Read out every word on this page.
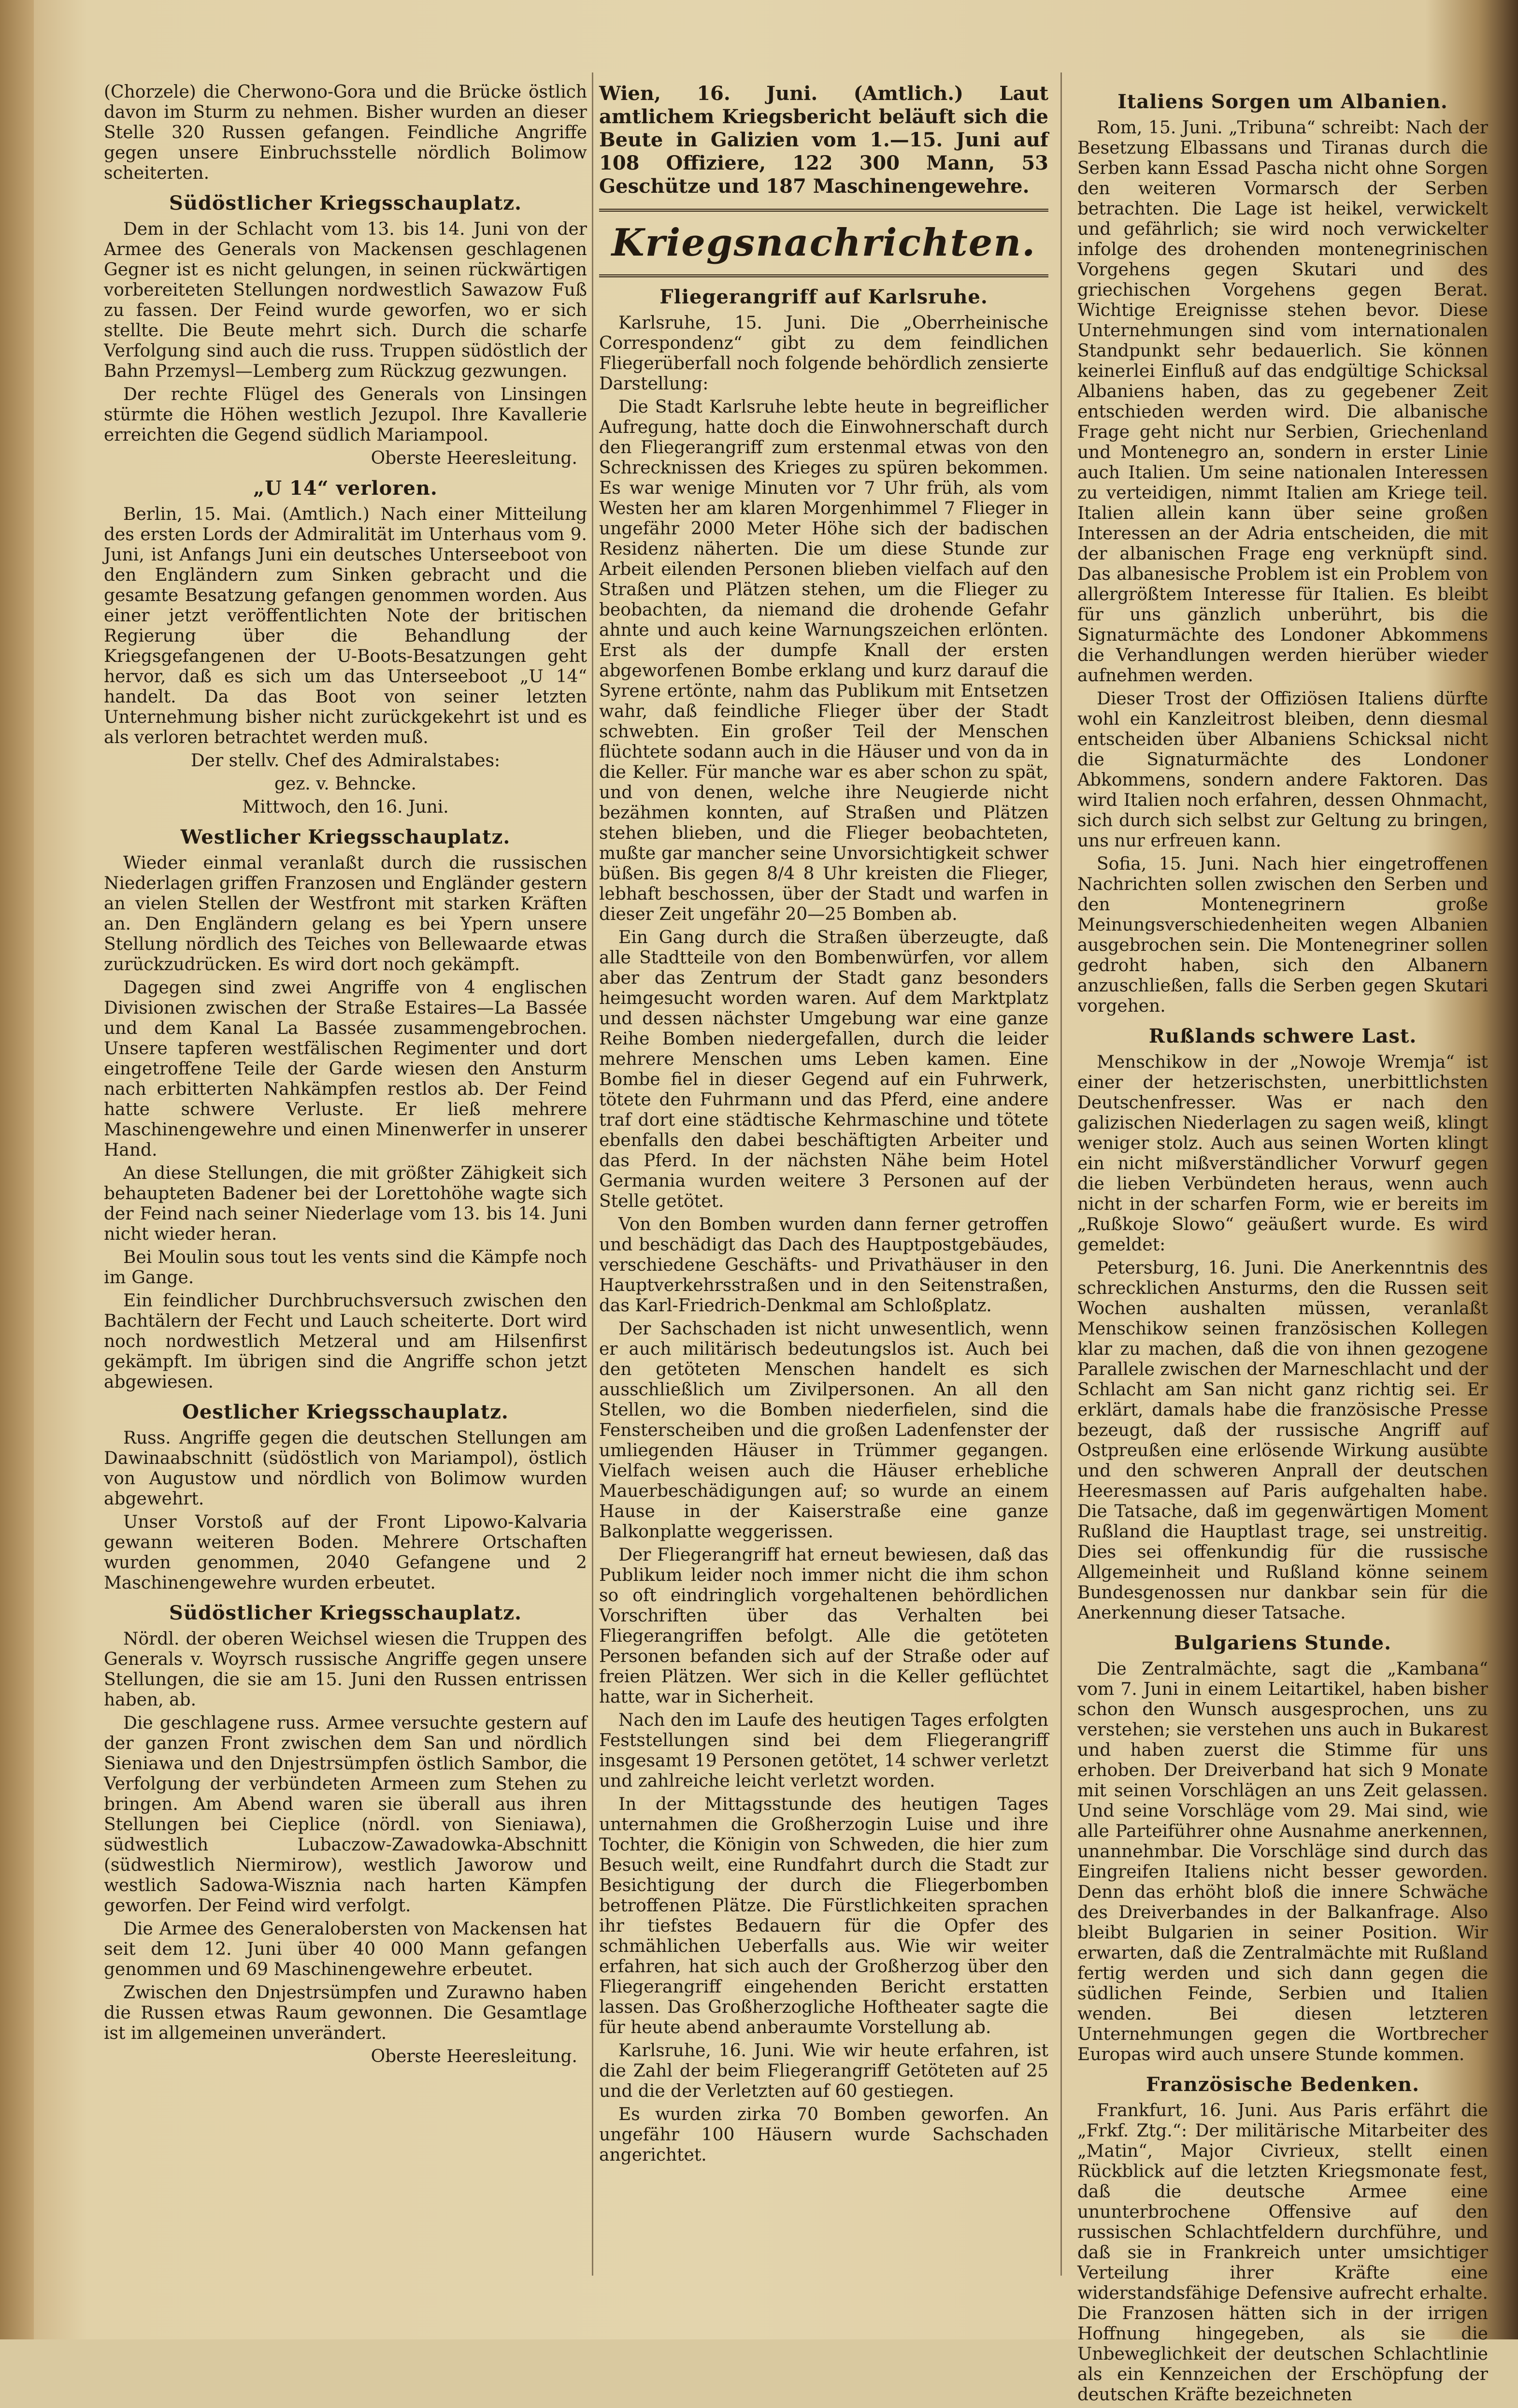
(Chorzele) die Cherwono-Gora und die Brücke östlich davon im Sturm zu nehmen. Bisher wurden an dieser Stelle 320 Russen gefangen. Feindliche Angriffe gegen unsere Einbruchsstelle nördlich Bolimow scheiterten.

Südöstlicher Kriegsschauplatz.

Dem in der Schlacht vom 13. bis 14. Juni von der Armee des Generals von Mackensen geschlagenen Gegner ist es nicht gelungen, in seinen rückwärtigen vorbereiteten Stellungen nordwestlich Sawazow Fuß zu fassen. Der Feind wurde geworfen, wo er sich stellte. Die Beute mehrt sich. Durch die scharfe Verfolgung sind auch die russ. Truppen südöstlich der Bahn Przemysl—Lemberg zum Rückzug gezwungen.

Der rechte Flügel des Generals von Linsingen stürmte die Höhen westlich Jezupol. Ihre Kavallerie erreichten die Gegend südlich Mariampool.

Oberste Heeresleitung.

„U 14“ verloren.

Berlin, 15. Mai. (Amtlich.) Nach einer Mitteilung des ersten Lords der Admiralität im Unterhaus vom 9. Juni, ist Anfangs Juni ein deutsches Unterseeboot von den Engländern zum Sinken gebracht und die gesamte Besatzung gefangen genommen worden. Aus einer jetzt veröffentlichten Note der britischen Regierung über die Behandlung der Kriegsgefangenen der U-Boots-Besatzungen geht hervor, daß es sich um das Unterseeboot „U 14“ handelt. Da das Boot von seiner letzten Unternehmung bisher nicht zurückgekehrt ist und es als verloren betrachtet werden muß.

Der stellv. Chef des Admiralstabes:

gez. v. Behncke.

Mittwoch, den 16. Juni.

Westlicher Kriegsschauplatz.

Wieder einmal veranlaßt durch die russischen Niederlagen griffen Franzosen und Engländer gestern an vielen Stellen der Westfront mit starken Kräften an. Den Engländern gelang es bei Ypern unsere Stellung nördlich des Teiches von Bellewaarde etwas zurückzudrücken. Es wird dort noch gekämpft.

Dagegen sind zwei Angriffe von 4 englischen Divisionen zwischen der Straße Estaires—La Bassée und dem Kanal La Bassée zusammengebrochen. Unsere tapferen westfälischen Regimenter und dort eingetroffene Teile der Garde wiesen den Ansturm nach erbitterten Nahkämpfen restlos ab. Der Feind hatte schwere Verluste. Er ließ mehrere Maschinengewehre und einen Minenwerfer in unserer Hand.

An diese Stellungen, die mit größter Zähigkeit sich behaupteten Badener bei der Lorettohöhe wagte sich der Feind nach seiner Niederlage vom 13. bis 14. Juni nicht wieder heran.

Bei Moulin sous tout les vents sind die Kämpfe noch im Gange.

Ein feindlicher Durchbruchsversuch zwischen den Bachtälern der Fecht und Lauch scheiterte. Dort wird noch nordwestlich Metzeral und am Hilsenfirst gekämpft. Im übrigen sind die Angriffe schon jetzt abgewiesen.

Oestlicher Kriegsschauplatz.

Russ. Angriffe gegen die deutschen Stellungen am Dawinaabschnitt (südöstlich von Mariampol), östlich von Augustow und nördlich von Bolimow wurden abgewehrt.

Unser Vorstoß auf der Front Lipowo-Kalvaria gewann weiteren Boden. Mehrere Ortschaften wurden genommen, 2040 Gefangene und 2 Maschinengewehre wurden erbeutet.

Südöstlicher Kriegsschauplatz.

Nördl. der oberen Weichsel wiesen die Truppen des Generals v. Woyrsch russische Angriffe gegen unsere Stellungen, die sie am 15. Juni den Russen entrissen haben, ab.

Die geschlagene russ. Armee versuchte gestern auf der ganzen Front zwischen dem San und nördlich Sieniawa und den Dnjestrsümpfen östlich Sambor, die Verfolgung der verbündeten Armeen zum Stehen zu bringen. Am Abend waren sie überall aus ihren Stellungen bei Cieplice (nördl. von Sieniawa), südwestlich Lubaczow-Zawadowka-Abschnitt (südwestlich Niermirow), westlich Jaworow und westlich Sadowa-Wisznia nach harten Kämpfen geworfen. Der Feind wird verfolgt.

Die Armee des Generalobersten von Mackensen hat seit dem 12. Juni über 40 000 Mann gefangen genommen und 69 Maschinengewehre erbeutet.

Zwischen den Dnjestrsümpfen und Zurawno haben die Russen etwas Raum gewonnen. Die Gesamtlage ist im allgemeinen unverändert.

Oberste Heeresleitung.

Wien, 16. Juni. (Amtlich.) Laut amtlichem Kriegsbericht beläuft sich die Beute in Galizien vom 1.—15. Juni auf 108 Offiziere, 122 300 Mann, 53 Geschütze und 187 Maschinengewehre.

Kriegsnachrichten.
Fliegerangriff auf Karlsruhe.

Karlsruhe, 15. Juni. Die „Oberrheinische Correspondenz“ gibt zu dem feindlichen Fliegerüberfall noch folgende behördlich zensierte Darstellung:

Die Stadt Karlsruhe lebte heute in begreiflicher Aufregung, hatte doch die Einwohnerschaft durch den Fliegerangriff zum erstenmal etwas von den Schrecknissen des Krieges zu spüren bekommen. Es war wenige Minuten vor 7 Uhr früh, als vom Westen her am klaren Morgenhimmel 7 Flieger in ungefähr 2000 Meter Höhe sich der badischen Residenz näherten. Die um diese Stunde zur Arbeit eilenden Personen blieben vielfach auf den Straßen und Plätzen stehen, um die Flieger zu beobachten, da niemand die drohende Gefahr ahnte und auch keine Warnungszeichen erlönten. Erst als der dumpfe Knall der ersten abgeworfenen Bombe erklang und kurz darauf die Syrene ertönte, nahm das Publikum mit Entsetzen wahr, daß feindliche Flieger über der Stadt schwebten. Ein großer Teil der Menschen flüchtete sodann auch in die Häuser und von da in die Keller. Für manche war es aber schon zu spät, und von denen, welche ihre Neugierde nicht bezähmen konnten, auf Straßen und Plätzen stehen blieben, und die Flieger beobachteten, mußte gar mancher seine Unvorsichtigkeit schwer büßen. Bis gegen 8/4 8 Uhr kreisten die Flieger, lebhaft beschossen, über der Stadt und warfen in dieser Zeit ungefähr 20—25 Bomben ab.

Ein Gang durch die Straßen überzeugte, daß alle Stadtteile von den Bombenwürfen, vor allem aber das Zentrum der Stadt ganz besonders heimgesucht worden waren. Auf dem Marktplatz und dessen nächster Umgebung war eine ganze Reihe Bomben niedergefallen, durch die leider mehrere Menschen ums Leben kamen. Eine Bombe fiel in dieser Gegend auf ein Fuhrwerk, tötete den Fuhrmann und das Pferd, eine andere traf dort eine städtische Kehrmaschine und tötete ebenfalls den dabei beschäftigten Arbeiter und das Pferd. In der nächsten Nähe beim Hotel Germania wurden weitere 3 Personen auf der Stelle getötet.

Von den Bomben wurden dann ferner getroffen und beschädigt das Dach des Hauptpostgebäudes, verschiedene Geschäfts- und Privathäuser in den Hauptverkehrsstraßen und in den Seitenstraßen, das Karl-Friedrich-Denkmal am Schloßplatz.

Der Sachschaden ist nicht unwesentlich, wenn er auch militärisch bedeutungslos ist. Auch bei den getöteten Menschen handelt es sich ausschließlich um Zivilpersonen. An all den Stellen, wo die Bomben niederfielen, sind die Fensterscheiben und die großen Ladenfenster der umliegenden Häuser in Trümmer gegangen. Vielfach weisen auch die Häuser erhebliche Mauerbeschädigungen auf; so wurde an einem Hause in der Kaiserstraße eine ganze Balkonplatte weggerissen.

Der Fliegerangriff hat erneut bewiesen, daß das Publikum leider noch immer nicht die ihm schon so oft eindringlich vorgehaltenen behördlichen Vorschriften über das Verhalten bei Fliegerangriffen befolgt. Alle die getöteten Personen befanden sich auf der Straße oder auf freien Plätzen. Wer sich in die Keller geflüchtet hatte, war in Sicherheit.

Nach den im Laufe des heutigen Tages erfolgten Feststellungen sind bei dem Fliegerangriff insgesamt 19 Personen getötet, 14 schwer verletzt und zahlreiche leicht verletzt worden.

In der Mittagsstunde des heutigen Tages unternahmen die Großherzogin Luise und ihre Tochter, die Königin von Schweden, die hier zum Besuch weilt, eine Rundfahrt durch die Stadt zur Besichtigung der durch die Fliegerbomben betroffenen Plätze. Die Fürstlichkeiten sprachen ihr tiefstes Bedauern für die Opfer des schmählichen Ueberfalls aus. Wie wir weiter erfahren, hat sich auch der Großherzog über den Fliegerangriff eingehenden Bericht erstatten lassen. Das Großherzogliche Hoftheater sagte die für heute abend anberaumte Vorstellung ab.

Karlsruhe, 16. Juni. Wie wir heute erfahren, ist die Zahl der beim Fliegerangriff Getöteten auf 25 und die der Verletzten auf 60 gestiegen.

Es wurden zirka 70 Bomben geworfen. An ungefähr 100 Häusern wurde Sachschaden angerichtet.

Italiens Sorgen um Albanien.

Rom, 15. Juni. „Tribuna“ schreibt: Nach der Besetzung Elbassans und Tiranas durch die Serben kann Essad Pascha nicht ohne Sorgen den weiteren Vormarsch der Serben betrachten. Die Lage ist heikel, verwickelt und gefährlich; sie wird noch verwickelter infolge des drohenden montenegrinischen Vorgehens gegen Skutari und des griechischen Vorgehens gegen Berat. Wichtige Ereignisse stehen bevor. Diese Unternehmungen sind vom internationalen Standpunkt sehr bedauerlich. Sie können keinerlei Einfluß auf das endgültige Schicksal Albaniens haben, das zu gegebener Zeit entschieden werden wird. Die albanische Frage geht nicht nur Serbien, Griechenland und Montenegro an, sondern in erster Linie auch Italien. Um seine nationalen Interessen zu verteidigen, nimmt Italien am Kriege teil. Italien allein kann über seine großen Interessen an der Adria entscheiden, die mit der albanischen Frage eng verknüpft sind. Das albanesische Problem ist ein Problem von allergrößtem Interesse für Italien. Es bleibt für uns gänzlich unberührt, bis die Signaturmächte des Londoner Abkommens die Verhandlungen werden hierüber wieder aufnehmen werden.

Dieser Trost der Offiziösen Italiens dürfte wohl ein Kanzleitrost bleiben, denn diesmal entscheiden über Albaniens Schicksal nicht die Signaturmächte des Londoner Abkommens, sondern andere Faktoren. Das wird Italien noch erfahren, dessen Ohnmacht, sich durch sich selbst zur Geltung zu bringen, uns nur erfreuen kann.

Sofia, 15. Juni. Nach hier eingetroffenen Nachrichten sollen zwischen den Serben und den Montenegrinern große Meinungsverschiedenheiten wegen Albanien ausgebrochen sein. Die Montenegriner sollen gedroht haben, sich den Albanern anzuschließen, falls die Serben gegen Skutari vorgehen.

Rußlands schwere Last.

Menschikow in der „Nowoje Wremja“ ist einer der hetzerischsten, unerbittlichsten Deutschenfresser. Was er nach den galizischen Niederlagen zu sagen weiß, klingt weniger stolz. Auch aus seinen Worten klingt ein nicht mißverständlicher Vorwurf gegen die lieben Verbündeten heraus, wenn auch nicht in der scharfen Form, wie er bereits im „Rußkoje Slowo“ geäußert wurde. Es wird gemeldet:

Petersburg, 16. Juni. Die Anerkenntnis des schrecklichen Ansturms, den die Russen seit Wochen aushalten müssen, veranlaßt Menschikow seinen französischen Kollegen klar zu machen, daß die von ihnen gezogene Parallele zwischen der Marneschlacht und der Schlacht am San nicht ganz richtig sei. Er erklärt, damals habe die französische Presse bezeugt, daß der russische Angriff auf Ostpreußen eine erlösende Wirkung ausübte und den schweren Anprall der deutschen Heeresmassen auf Paris aufgehalten habe. Die Tatsache, daß im gegenwärtigen Moment Rußland die Hauptlast trage, sei unstreitig. Dies sei offenkundig für die russische Allgemeinheit und Rußland könne seinem Bundesgenossen nur dankbar sein für die Anerkennung dieser Tatsache.

Bulgariens Stunde.

Die Zentralmächte, sagt die „Kambana“ vom 7. Juni in einem Leitartikel, haben bisher schon den Wunsch ausgesprochen, uns zu verstehen; sie verstehen uns auch in Bukarest und haben zuerst die Stimme für uns erhoben. Der Dreiverband hat sich 9 Monate mit seinen Vorschlägen an uns Zeit gelassen. Und seine Vorschläge vom 29. Mai sind, wie alle Parteiführer ohne Ausnahme anerkennen, unannehmbar. Die Vorschläge sind durch das Eingreifen Italiens nicht besser geworden. Denn das erhöht bloß die innere Schwäche des Dreiverbandes in der Balkanfrage. Also bleibt Bulgarien in seiner Position. Wir erwarten, daß die Zentralmächte mit Rußland fertig werden und sich dann gegen die südlichen Feinde, Serbien und Italien wenden. Bei diesen letzteren Unternehmungen gegen die Wortbrecher Europas wird auch unsere Stunde kommen.

Französische Bedenken.

Frankfurt, 16. Juni. Aus Paris erfährt die „Frkf. Ztg.“: Der militärische Mitarbeiter des „Matin“, Major Civrieux, stellt einen Rückblick auf die letzten Kriegsmonate fest, daß die deutsche Armee eine ununterbrochene Offensive auf den russischen Schlachtfeldern durchführe, und daß sie in Frankreich unter umsichtiger Verteilung ihrer Kräfte eine widerstandsfähige Defensive aufrecht erhalte. Die Franzosen hätten sich in der irrigen Hoffnung hingegeben, als sie die Unbeweglichkeit der deutschen Schlachtlinie als ein Kennzeichen der Erschöpfung der deutschen Kräfte bezeichneten
